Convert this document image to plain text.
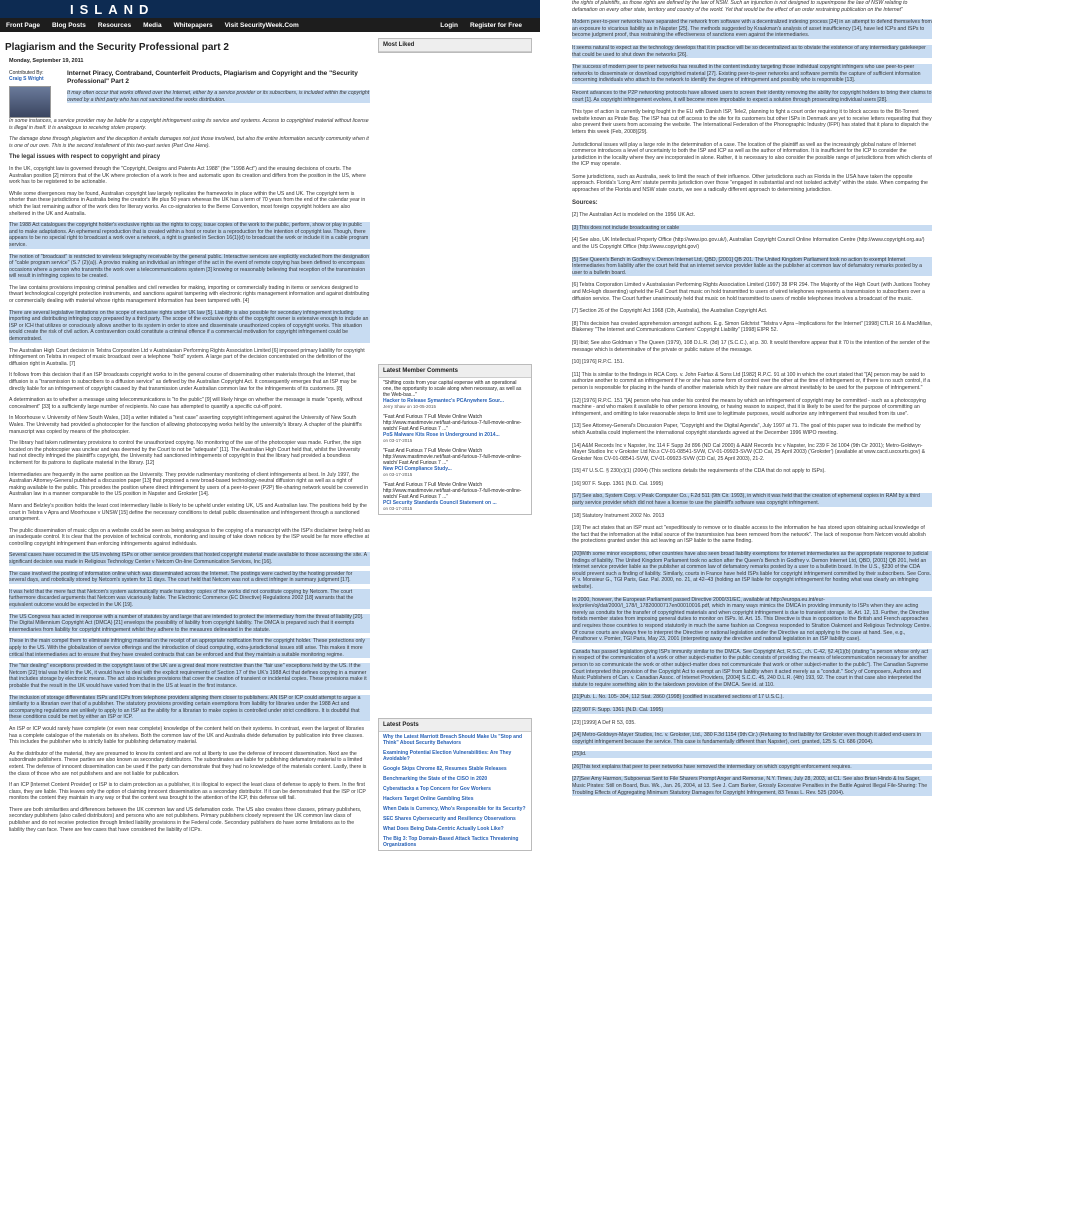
ISLAND
Front Page Blog Posts Resources Media Whitepapers Visit SecurityWeek.Com	Login Register for Free
Plagiarism and the Security Professional part 2
Monday, September 19, 2011
Contributed By:
Craig S Wright
Internet Piracy, Contraband, Counterfeit Products, Plagiarism and Copyright and the "Security Professional" Part 2

It may often occur that works offered over the Internet, either by a service provider or its subscribers, is included within the copyright owned by a third party who has not sanctioned the works distribution.

In some instances, a service provider may be liable for a copyright infringement using its service and systems. Access to copyrighted material without license is illegal in itself. It is analogous to receiving stolen property.

The damage done through plagiarism and the deception it entails damages not just those involved, but also the entire information security community when it is one of our own. This is the second installment of this two-part series (Part One Here).

The legal issues with respect to copyright and piracy

In the UK, copyright law is governed through the "Copyright, Designs and Patents Act 1988" (the "1998 Act") and the ensuing decisions of courts. The Australian position [2] mirrors that of the UK where protection of a work is free and automatic upon its creation and differs from the position in the US, where work has to be registered to be actionable.

While some divergences may be found, Australian copyright law largely replicates the frameworks in place within the US and UK. The copyright term is shorter than these jurisdictions in Australia being the creator's life plus 50 years whereas the UK has a term of 70 years from the end of the calendar year in which the last remaining author of the work dies for literary works. As co-signatories to the Berne Convention, most foreign copyright holders are also sheltered in the UK and Australia.

The 1988 Act catalogues the copyright holder's exclusive rights as the rights to copy, issue copies of the work to the public, perform, show or play in public and to make adaptations. An ephemeral reproduction that is created within a host or router is a reproduction for the intention of copyright law. Though, there appears to be no special right to broadcast a work over a network, a right is granted in Section 16(1)(d) to broadcast the work or include it in a cable program service.

The notion of "broadcast" is restricted to wireless telegraphy receivable by the general public. Interactive services are explicitly excluded from the designation of "cable program service" (S.7 (2)(a)). A proviso making an individual an infringer of the act in the event of remote copying has been defined to encompass occasions where a person who transmits the work over a telecommunications system [3] knowing or reasonably believing that reception of the transmission will result in infringing copies to be created.

The law contains provisions imposing criminal penalties and civil remedies for making, importing or commercially trading in items or services designed to thwart technological copyright protection instruments, and sanctions against tampering with electronic rights management information and against distributing or commercially dealing with material whose rights management information has been tampered with. [4]

There are several legislative limitations on the scope of exclusive rights under UK law [5]. Liability is also possible for secondary infringement including importing and distributing infringing copy prepared by a third party. The scope of the exclusive rights of the copyright owner is extensive enough to include an ISP or ICH that utilizes or consciously allows another to its system in order to store and disseminate unauthorized copies of copyright works. This situation would create the risk of civil action. A contravention could constitute a criminal offence if a commercial motivation for copyright infringement could be demonstrated.

The Australian High Court decision in Telstra Corporation Ltd v Australasian Performing Rights Association Limited [6] imposed primary liability for copyright infringement on Telstra in respect of music broadcast over a telephone "hold" system. A large part of the decision concentrated on the definition of the diffusion right in Australia. [7]

It follows from this decision that if an ISP broadcasts copyright works to in the general course of disseminating other materials through the Internet, that diffusion is a "transmission to subscribers to a diffusion service" as defined by the Australian Copyright Act. It consequently emerges that an ISP may be directly liable for an infringement of copyright caused by that transmission under Australian common law for the infringements of its customers. [8]

A determination as to whether a message using telecommunications is "to the public" [9] will likely hinge on whether the message is made "openly, without concealment" [33] to a sufficiently large number of recipients. No case has attempted to quantify a specific cut-off point.

In Moorhouse v. University of New South Wales, [10] a writer initiated a "test case" asserting copyright infringement against the University of New South Wales. The University had provided a photocopier for the function of allowing photocopying works held by the university's library. A chapter of the plaintiff's manuscript was copied by means of the photocopier.

The library had taken rudimentary provisions to control the unauthorized copying. No monitoring of the use of the photocopier was made. Further, the sign located on the photocopier was unclear and was deemed by the Court to not be "adequate" [11]. The Australian High Court held that, whilst the University had not directly infringed the plaintiff's copyright, the University had sanctioned infringements of copyright in that the library had provided a boundless incitement for its patrons to duplicate material in the library. [12]

Intermediaries are frequently in the same position as the University. They provide rudimentary monitoring of client infringements at best. In July 1997, the Australian Attorney-General published a discussion paper [13] that proposed a new broad-based technology-neutral diffusion right as well as a right of making available to the public. This provides the position where direct infringement by users of a peer-to-peer (P2P) file-sharing network would be covered in Australian law in a manner comparable to the US position in Napster and Grokster [14].

Mann and Belzley's position holds the least cost intermediary liable is likely to be upheld under existing UK, US and Australian law. The positions held by the court in Telstra v Apra and Moorhouse v UNSW [15] define the necessary conditions to detail public dissemination and infringement through a sanctioned arrangement.

The public dissemination of music clips on a website could be seen as being analogous to the copying of a manuscript with the ISP's disclaimer being held as an inadequate control. It is clear that the provision of technical controls, monitoring and issuing of take down notices by the ISP would be far more effective at controlling copyright infringement than enforcing infringements against individuals.

Several cases have occurred in the US involving ISPs or other service providers that hosted copyright material made available to those accessing the site. A significant decision was made in Religious Technology Center v Netcom On-line Communication Services, Inc [16].

The case involved the posting of information online which was disseminated across the Internet. The postings were cached by the hosting provider for several days, and robotically stored by Netcom's system for 11 days. The court held that Netcom was not a direct infringer in summary judgment [17].

It was held that the mere fact that Netcom's system automatically made transitory copies of the works did not constitute copying by Netcom. The court furthermore discarded arguments that Netcom was vicariously liable. The Electronic Commerce (EC Directive) Regulations 2002 [18] warrants that the equivalent outcome would be expected in the UK [19].

The US Congress has acted in response with a number of statutes by and large that are intended to protect the intermediary from the threat of liability [20]. The Digital Millennium Copyright Act (DMCA) [21] envelops the possibility of liability from copyright liability. The DMCA is prepared such that it exempts intermediaries from liability for copyright infringement whilst they adhere to the measures delineated in the statute.

These in the main compel them to eliminate infringing material on the receipt of an appropriate notification from the copyright holder. These protections only apply to the US. With the globalization of service offerings and the introduction of cloud computing, extra-jurisdictional issues still arise. This makes it more critical that intermediaries act to ensure that they have created contracts that can be enforced and that they maintain a suitable monitoring regime.

The "fair dealing" exceptions provided in the copyright laws of the UK are a great deal more restrictive than the "fair use" exceptions held by the US. If the Netcom [22] trial was held in the UK, it would have to deal with the explicit requirements of Section 17 of the UK's 1988 Act that defines copying in a manner that includes storage by electronic means. The act also includes provisions that cover the creation of transient or incidental copies. These provisions make it probable that the result in the UK would have varied from that in the US at least in the first instance.

The inclusion of storage differentiates ISPs and ICPs from telephone providers aligning them closer to publishers. AN ISP or ICP could attempt to argue a similarity to a librarian over that of a publisher. The statutory provisions providing certain exemptions from liability for libraries under the 1988 Act and accompanying regulations are unlikely to apply to an ISP as the ability for a librarian to make copies is controlled under strict conditions. It is doubtful that these conditions could be met by either an ISP or ICP.

An ISP or ICP would rarely have complete (or even near complete) knowledge of the content held on their systems. In contrast, even the largest of libraries has a complete catalogue of the materials on its shelves. Both the common law of the UK and Australia divide defamation by publication into three classes. This includes the publisher who is strictly liable for publishing defamatory material.

As the distributor of the material, they are presumed to know its content and are not at liberty to use the defense of innocent dissemination. Next are the subordinate publishers. These parties are also known as secondary distributors. The subordinates are liable for publishing defamatory material to a limited extent. The defense of innocent dissemination can be used if the party can demonstrate that they had no knowledge of the materials content. Lastly, there is the class of those who are not publishers and are not liable for publication.

If an ICP [Internet Content Provider] or ISP is to claim protection as a publisher, it is illogical to expect the least class of defense to apply to them. In the first class, they are liable. This leaves only the option of claiming innocent dissemination as a secondary distributor. If it can be demonstrated that the ISP or ICP monitors the content they maintain in any way or that the content was brought to the attention of the ICP, this defense will fail.

There are both similarities and differences between the UK common law and US defamation code. The US also creates three classes, primary publishers, secondary publishers (also called distributors) and persons who are not publishers. Primary publishers closely represent the UK common law class of publisher and do not receive protection through limited liability provisions in the Federal code. Secondary publishers do have some limitations as to the liability they can face. There are few cases that have considered the liability of ICPs.

Most Liked
Latest Member Comments
"Shifting costs from your capital expense with an operational one, the opportunity to scale along when necessary, as well as the Web-bas..."
Hacker to Release Symantec's PCAnywhere Sour...
Jerry Shaw on 10-05-2015
"Fast And Furious 7 Full Movie Online Watch http://www.mastimovie.net/fast-and-furious-7-full-movie-online-watch/ Fast And Furious 7 ..."
PoS Malware Kits Rose in Underground in 2014...
on 03-17-2015
"Fast And Furious 7 Full Movie Online Watch http://www.mastimovie.net/fast-and-furious-7-full-movie-online-watch/ Fast And Furious 7 ..."
New PCI Compliance Study...
on 03-17-2015
"Fast And Furious 7 Full Movie Online Watch http://www.mastimovie.net/fast-and-furious-7-full-movie-online-watch/ Fast And Furious 7 ..."
PCI Security Standards Council Statement on ...
on 03-17-2015
Latest Posts
Why the Latest Marriott Breach Should Make Us "Stop and Think" About Security Behaviors
Examining Potential Election Vulnerabilities: Are They Avoidable?
Google Skips Chrome 82, Resumes Stable Releases
Benchmarking the State of the CISO in 2020
Cyberattacks a Top Concern for Gov Workers
Hackers Target Online Gambling Sites
When Data is Currency, Who's Responsible for its Security?
SEC Shares Cybersecurity and Resiliency Observations
What Does Being Data-Centric Actually Look Like?
The Big 3: Top Domain-Based Attack Tactics Threatening Organizations

the rights of plaintiffs, as those rights are defined by the law of NSW. Such an injunction is not designed to superimpose the law of NSW relating to defamation on every other state, territory and country of the world. Yet that would be the effect of an order restraining publication on the Internet"

Modern peer-to-peer networks have separated the network from software with a decentralized indexing process [24] in an attempt to defend themselves from an exposure to vicarious liability as in Napster [25]. The methods suggested by Kraakman's analysis of asset insufficiency [14], have led ICPs and ISPs to become judgment proof, thus restraining the effectiveness of sanctions even against the intermediaries.

It seems natural to expect as the technology develops that it in practice will be so decentralized as to obviate the existence of any intermediary gatekeeper that could be used to shut down the networks [26].

The success of modern peer to peer networks has resulted in the content industry targeting those individual copyright infringers who use peer-to-peer networks to disseminate or download copyrighted material [27]. Existing peer-to-peer networks and software permits the capture of sufficient information concerning individuals who attach to the network to identify the degree of infringement and possibly who is responsible [13].

Recent advances to the P2P networking protocols have allowed users to screen their identity removing the ability for copyright holders to bring their claims to court [1]. As copyright infringement evolves, it will become more improbable to expect a solution through prosecuting individual users [28].

This type of action is currently being fought in the EU with Danish ISP, Tele2, planning to fight a court order requiring it to block access to the Bit-Torrent website known as Pirate Bay. The ISP has cut off access to the site for its customers but other ISPs in Denmark are yet to receive letters requesting that they also prevent their users from accessing the website. The International Federation of the Phonographic Industry (IFPI) has stated that it plans to dispatch the letters this week (Feb, 2008)[29].

Jurisdictional issues will play a large role in the determination of a case. The location of the plaintiff as well as the increasingly global nature of Internet commerce introduces a level of uncertainty to both the ISP and ICP as well as the author of information. It is insufficient for the ICP to consider the jurisdiction in the locality where they are incorporated in alone. Rather, it is necessary to also consider the possible range of jurisdictions from which clients of the ICP may operate.

Some jurisdictions, such as Australia, seek to limit the reach of their influence. Other jurisdictions such as Florida in the USA have taken the opposite approach. Florida's 'Long Arm' statute permits jurisdiction over those "engaged in substantial and not isolated activity" within the state. When comparing the approaches of the Florida and NSW state courts, we see a radically different approach to determining jurisdiction.

Sources:

[2] The Australian Act is modeled on the 1956 UK Act.

[3] This does not include broadcasting or cable

[4] See also, UK Intellectual Property Office (http://www.ipo.gov.uk/), Australian Copyright Council Online Information Centre (http://www.copyright.org.au/) and the US Copyright Office (http://www.copyright.gov/)

[5] See Queen's Bench in Godfrey v. Demon Internet Ltd, QBD, [2001] QB 201. The United Kingdom Parliament took no action to exempt Internet Intermediaries from liability after the court held that an internet service provider liable as the publisher at common law of defamatory remarks posted by a user to a bulletin board.

[6] Telstra Corporation Limited v Australasian Performing Rights Association Limited (1997) 38 IPR 294. The Majority of the High Court (with Justices Toohey and McHugh dissenting) upheld the Full Court that music on hold transmitted to users of wired telephones represents a transmission to subscribers over a diffusion service. The Court further unanimously held that music on hold transmitted to users of mobile telephones involves a broadcast of the music.

[7] Section 26 of the Copyright Act 1968 (Cth, Australia), the Australian Copyright Act.

[8] This decision has created apprehension amongst authors. E.g. Simon Gilchrist "Telstra v Apra –Implications for the Internet" [1998] CTLR 16 & MacMillan, Blakeney "The Internet and Communications Carriers' Copyright Liability" [1998] EIPR 52.

[9] Ibid; See also Goldman v The Queen (1979), 108 D.L.R. (3d) 17 (S.C.C.), at p. 30. It would therefore appear that it 70 is the intention of the sender of the message which is determinative of the private or public nature of the message.

[10] [1976] R.P.C. 151.

[11] This is similar to the findings in RCA Corp. v. John Fairfax & Sons Ltd [1982] R.P.C. 91 at 100 in which the court stated that "[A] person may be said to authorize another to commit an infringement if he or she has some form of control over the other at the time of infringement or, if there is no such control, if a person is responsible for placing in the hands of another materials which by their nature are almost inevitably to be used for the purpose of infringement."

[12] [1976] R.P.C. 151 "[A] person who has under his control the means by which an infringement of copyright may be committed - such as a photocopying machine - and who makes it available to other persons knowing, or having reason to suspect, that it is likely to be used for the purpose of committing an infringement, and omitting to take reasonable steps to limit use to legitimate purposes, would authorize any infringement that resulted from its use".

[13] See Attorney-General's Discussion Paper, "Copyright and the Digital Agenda", July 1997 at 71. The goal of this paper was to indicate the method by which Australia could implement the international copyright standards agreed at the December 1996 WIPO meeting.

[14] A&M Records Inc v Napster, Inc 114 F Supp 2d 896 (ND Cal 2000) & A&M Records Inc v Napster, Inc 239 F 3d 1004 (9th Cir 2001); Metro-Goldwyn-Mayer Studios Inc v Grokster Ltd No.s CV-01-08541-SVW, CV-01-09923-SVW (CD Cal, 25 April 2003) ('Grokster') (available at www.cacd.uscourts.gov) & Grokster Nos CV-01-08541-SVW, CV-01-09923-SVW (CD Cal, 25 April 2003), 21-2.

[15] 47 U.S.C. § 230(c)(1) (2004) (This sections details the requirements of the CDA that do not apply to ISPs).

[16] 907 F. Supp. 1361 (N.D. Cal. 1995)

[17] See also, System Corp. v Peak Computer Co., F.2d 511 (9th Cir. 1993), in which it was held that the creation of ephemeral copies in RAM by a third party service provider which did not have a license to use the plaintiff's software was copyright infringement.

[18] Statutory Instrument 2002 No. 2013

[19] The act states that an ISP must act "expeditiously to remove or to disable access to the information he has stored upon obtaining actual knowledge of the fact that the information at the initial source of the transmission has been removed from the network". The lack of response from Netcom would abolish the protections granted under this act leaving an ISP liable to the same finding.

[20]With some minor exceptions, other countries have also seen broad liability exemptions for internet intermediaries as the appropriate response to judicial findings of liability. The United Kingdom Parliament took no action after the Queen's Bench in Godfrey v. Demon Internet Ltd, QBD, [2001] QB 201, held an Internet service provider liable as the publisher at common law of defamatory remarks posted by a user to a bulletin board. In the U.S., §230 of the CDA would prevent such a finding of liability. Similarly, courts in France have held ISPs liable for copyright infringement committed by their subscribers. See Cons. P. v. Monsieur G., TGI Paris, Gaz. Pal. 2000, no. 21, at 42–43 (holding an ISP liable for copyright infringement for hosting what was clearly an infringing website).

In 2000, however, the European Parliament passed Directive 2000/31/EC, available at http://europa.eu.int/eur-lex/pri/en/oj/dat/2000/l_178/l_17820000717en00010016.pdf, which in many ways mimics the DMCA in providing immunity to ISPs when they are acting merely as conduits for the transfer of copyrighted materials and when copyright infringement is due to transient storage. Id. Art. 12, 13. Further, the Directive forbids member states from imposing general duties to monitor on ISPs. Id. Art. 15. This Directive is thus in opposition to the British and French approaches and requires those countries to respond statutorily in much the same fashion as Congress responded to Stratton Oakmont and Religious Technology Centre. Of course courts are always free to interpret the Directive or national legislation under the Directive as not applying to the case at hand. See, e.g., Perathoner v. Pomier, TGI Paris, May 23, 2001 (interpreting away the directive and national legislation in an ISP liability case).

Canada has passed legislation giving ISPs immunity similar to the DMCA. See Copyright Act, R.S.C., ch. C-42, §2.4(1)(b) (stating "a person whose only act in respect of the communication of a work or other subject-matter to the public consists of providing the means of telecommunication necessary for another person to so communicate the work or other subject-matter does not communicate that work or other subject-matter to the public"). The Canadian Supreme Court interpreted this provision of the Copyright Act to exempt an ISP from liability when it acted merely as a "conduit." Soc'y of Composers, Authors and Music Publishers of Can. v. Canadian Assoc. of Internet Providers, [2004] S.C.C. 45, 240 D.L.R. (4th) 193, 92. The court in that case also interpreted the statute to require something akin to the takedown provision of the DMCA. See id. at 110.

[21]Pub. L. No. 105- 304, 112 Stat. 2860 (1998) (codified in scattered sections of 17 U.S.C.).

[22] 907 F. Supp. 1361 (N.D. Cal. 1995)

[23] [1999] A Def R 53, 035.

[24] Metro-Goldwyn-Mayer Studios, Inc. v. Grokster, Ltd., 380 F.3d 1154 (9th Cir.) (Refusing to find liability for Grokster even though it aided end-users in copyright infringement because the service. This case is fundamentally different than Napster), cert. granted, 125 S. Ct. 686 (2004).

[25]Id.

[26]This text explains that peer to peer networks have removed the intermediary on which copyright enforcement requires.

[27]See Amy Harmon, Subpoenas Sent to File Sharers Prompt Anger and Remorse, N.Y. Times, July 28, 2003, at C1. See also Brian Hindo & Ira Sager, Music Pirates: Still on Board, Bus. Wk., Jan. 26, 2004, at 13. See J. Cam Barker, Grossly Excessive Penalties in the Battle Against Illegal File-Sharing: The Troubling Effects of Aggregating Minimum Statutory Damages for Copyright Infringement, 83 Texas L. Rev. 525 (2004).
